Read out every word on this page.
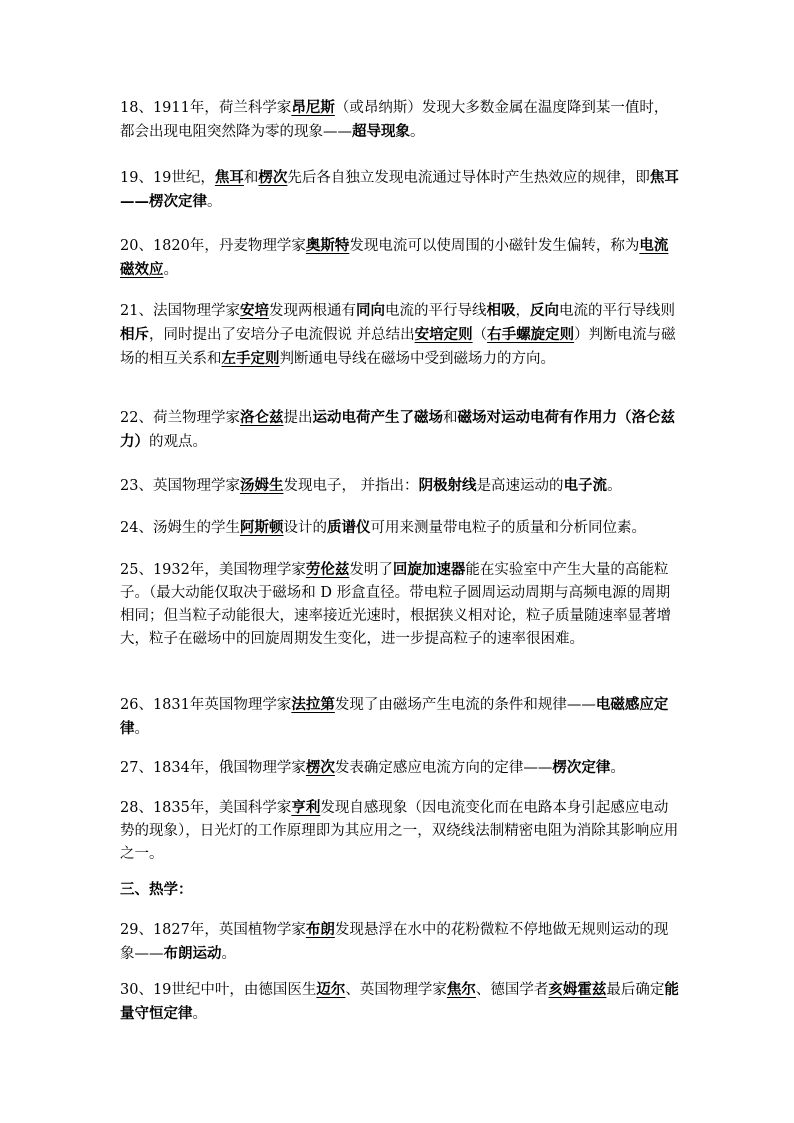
18、1911年，荷兰科学家昂尼斯（或昂纳斯）发现大多数金属在温度降到某一值时，都会出现电阻突然降为零的现象——超导现象。

19、19世纪，焦耳和楞次先后各自独立发现电流通过导体时产生热效应的规律，即焦耳——楞次定律。

20、1820年，丹麦物理学家奥斯特发现电流可以使周围的小磁针发生偏转，称为电流磁效应。

21、法国物理学家安培发现两根通有同向电流的平行导线相吸，反向电流的平行导线则相斥，同时提出了安培分子电流假说 并总结出安培定则（右手螺旋定则）判断电流与磁场的相互关系和左手定则判断通电导线在磁场中受到磁场力的方向。

22、荷兰物理学家洛仑兹提出运动电荷产生了磁场和磁场对运动电荷有作用力（洛仑兹力）的观点。

23、英国物理学家汤姆生发现电子， 并指出：阴极射线是高速运动的电子流。

24、汤姆生的学生阿斯顿设计的质谱仪可用来测量带电粒子的质量和分析同位素。

25、1932年，美国物理学家劳伦兹发明了回旋加速器能在实验室中产生大量的高能粒子。（最大动能仅取决于磁场和 D 形盒直径。带电粒子圆周运动周期与高频电源的周期相同；但当粒子动能很大，速率接近光速时，根据狭义相对论，粒子质量随速率显著增大，粒子在磁场中的回旋周期发生变化，进一步提高粒子的速率很困难。

26、1831年英国物理学家法拉第发现了由磁场产生电流的条件和规律——电磁感应定律。

27、1834年，俄国物理学家楞次发表确定感应电流方向的定律——楞次定律。

28、1835年，美国科学家亨利发现自感现象（因电流变化而在电路本身引起感应电动势的现象），日光灯的工作原理即为其应用之一，双绕线法制精密电阻为消除其影响应用之一。

三、热学：

29、1827年，英国植物学家布朗发现悬浮在水中的花粉微粒不停地做无规则运动的现象——布朗运动。

30、19世纪中叶，由德国医生迈尔、英国物理学家焦尔、德国学者亥姆霍兹最后确定能量守恒定律。
